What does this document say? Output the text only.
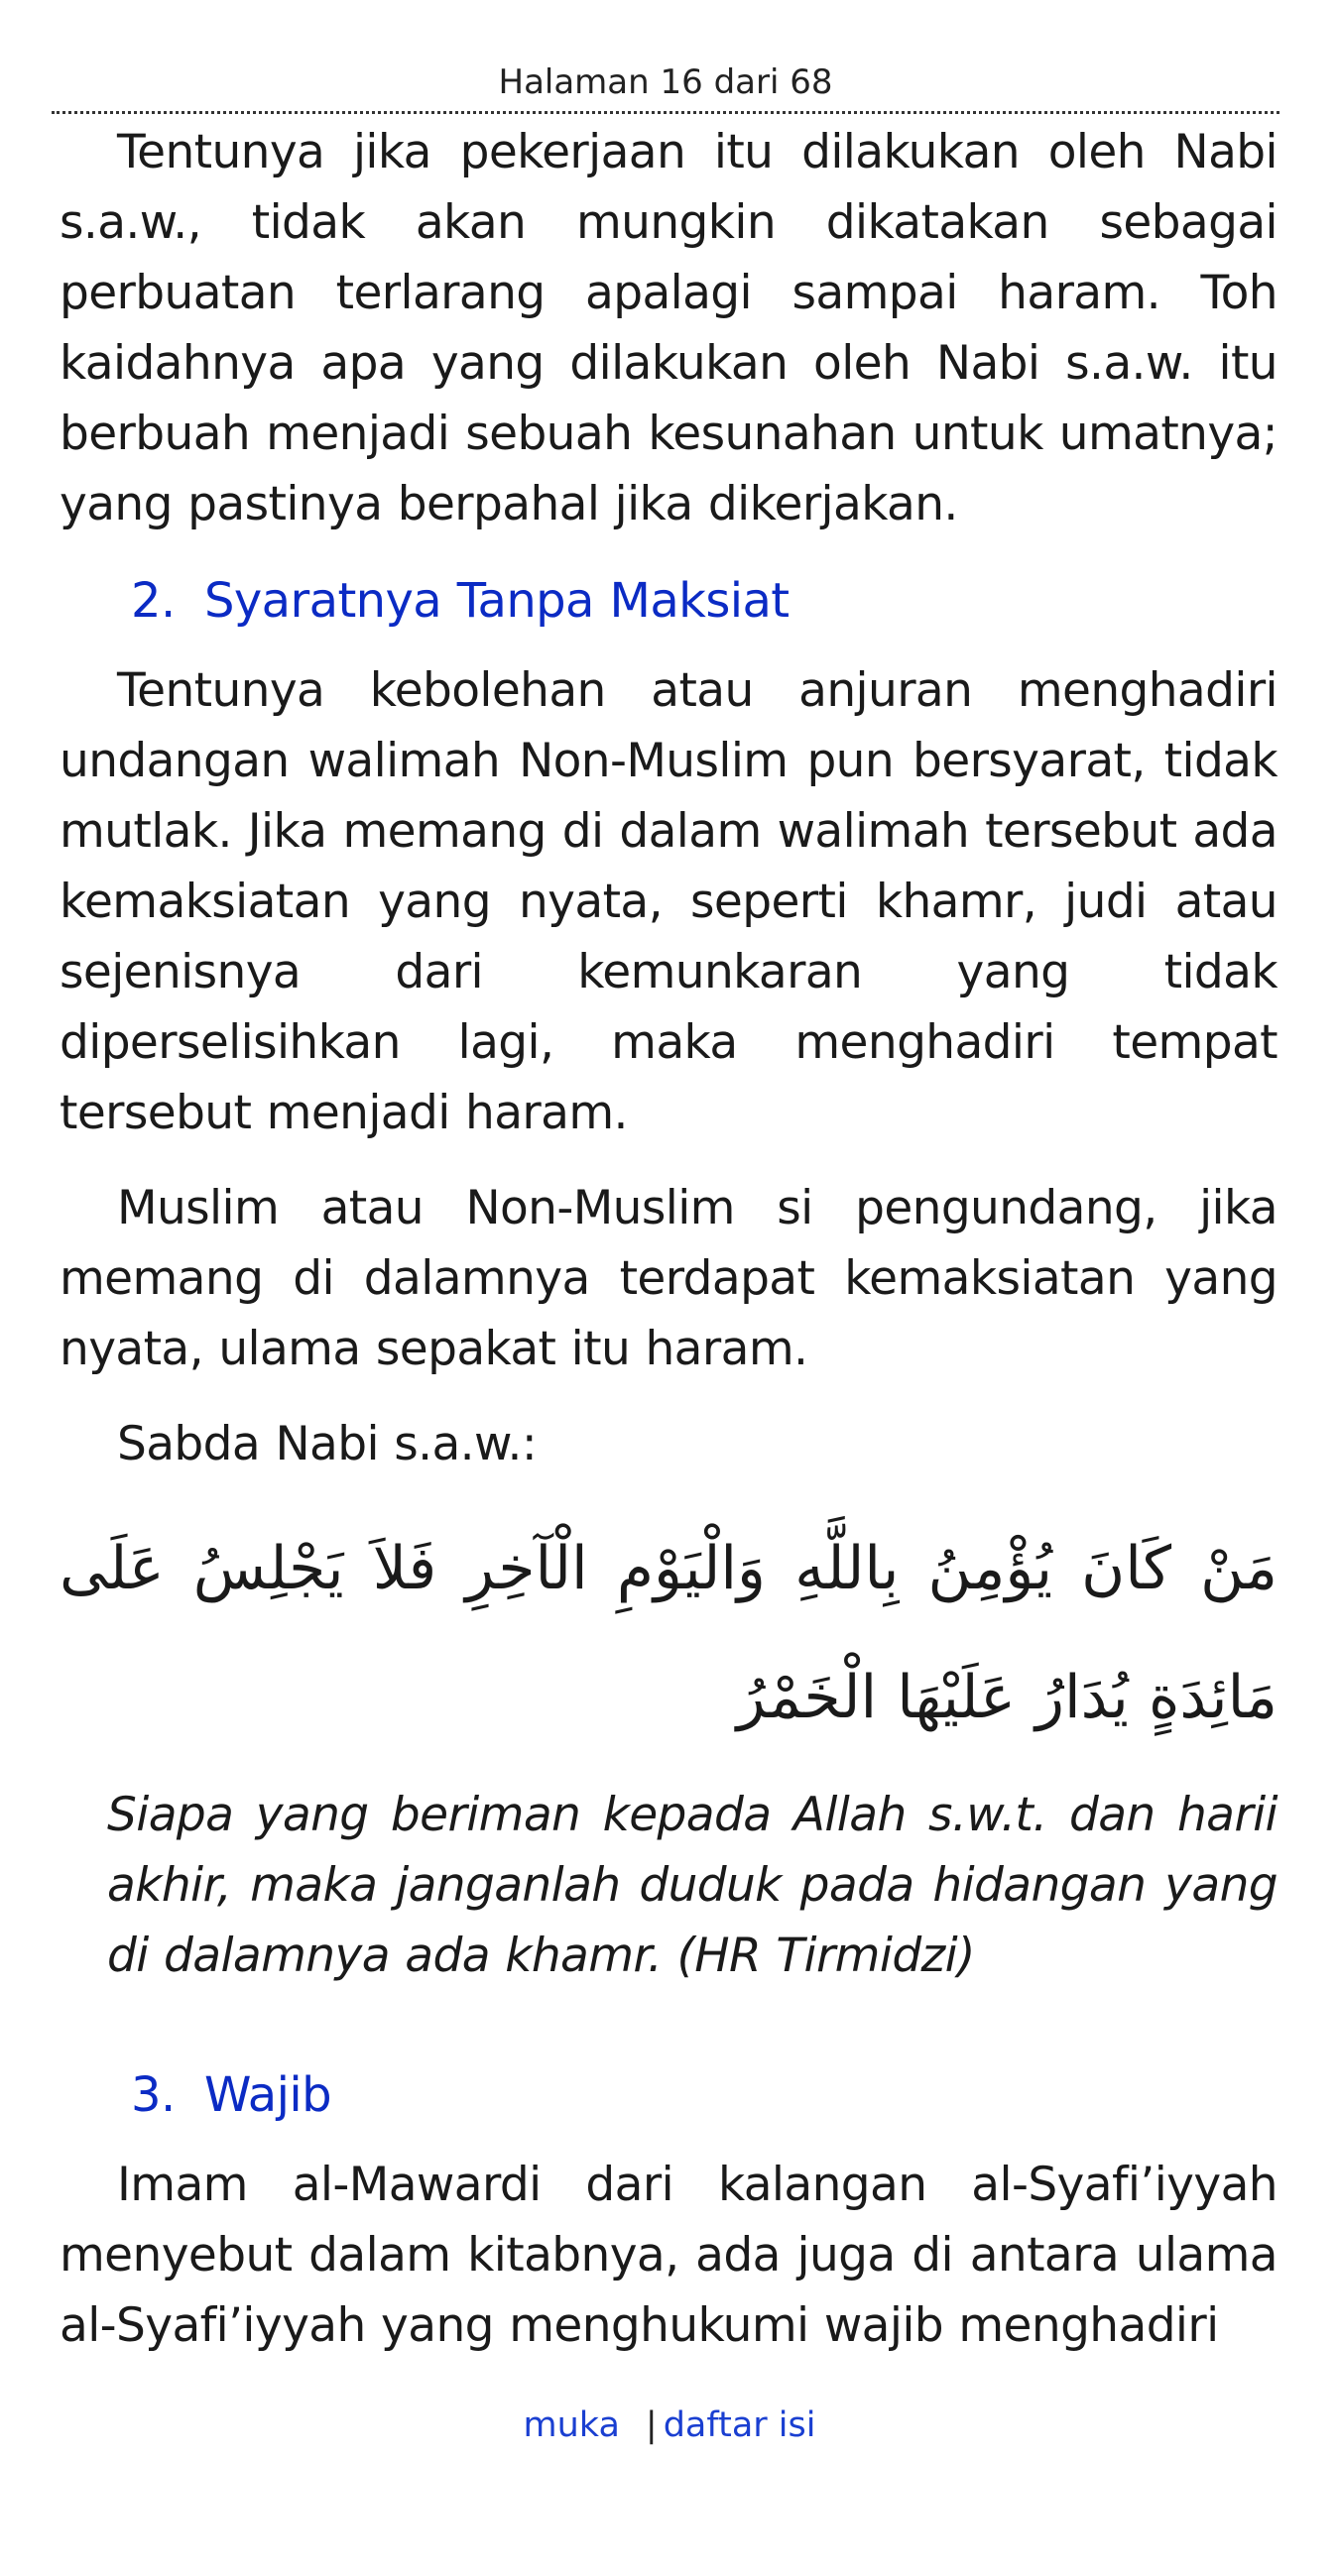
Halaman 16 dari 68

Tentunya jika pekerjaan itu dilakukan oleh Nabi s.a.w., tidak akan mungkin dikatakan sebagai perbuatan terlarang apalagi sampai haram. Toh kaidahnya apa yang dilakukan oleh Nabi s.a.w. itu berbuah menjadi sebuah kesunahan untuk umatnya; yang pastinya berpahal jika dikerjakan.

2. Syaratnya Tanpa Maksiat

Tentunya kebolehan atau anjuran menghadiri undangan walimah Non-Muslim pun bersyarat, tidak mutlak. Jika memang di dalam walimah tersebut ada kemaksiatan yang nyata, seperti khamr, judi atau sejenisnya dari kemunkaran yang tidak diperselisihkan lagi, maka menghadiri tempat tersebut menjadi haram.

Muslim atau Non-Muslim si pengundang, jika memang di dalamnya terdapat kemaksiatan yang nyata, ulama sepakat itu haram.

Sabda Nabi s.a.w.:

مَنْ كَانَ يُؤْمِنُ بِاللَّهِ وَالْيَوْمِ الْآخِرِ فَلاَ يَجْلِسُ عَلَى مَائِدَةٍ يُدَارُ عَلَيْهَا الْخَمْرُ
Siapa yang beriman kepada Allah s.w.t. dan harii akhir, maka janganlah duduk pada hidangan yang di dalamnya ada khamr. (HR Tirmidzi)
3. Wajib

Imam al-Mawardi dari kalangan al-Syafi’iyyah menyebut dalam kitabnya, ada juga di antara ulama al-Syafi’iyyah yang menghukumi wajib menghadiri

muka | daftar isi
